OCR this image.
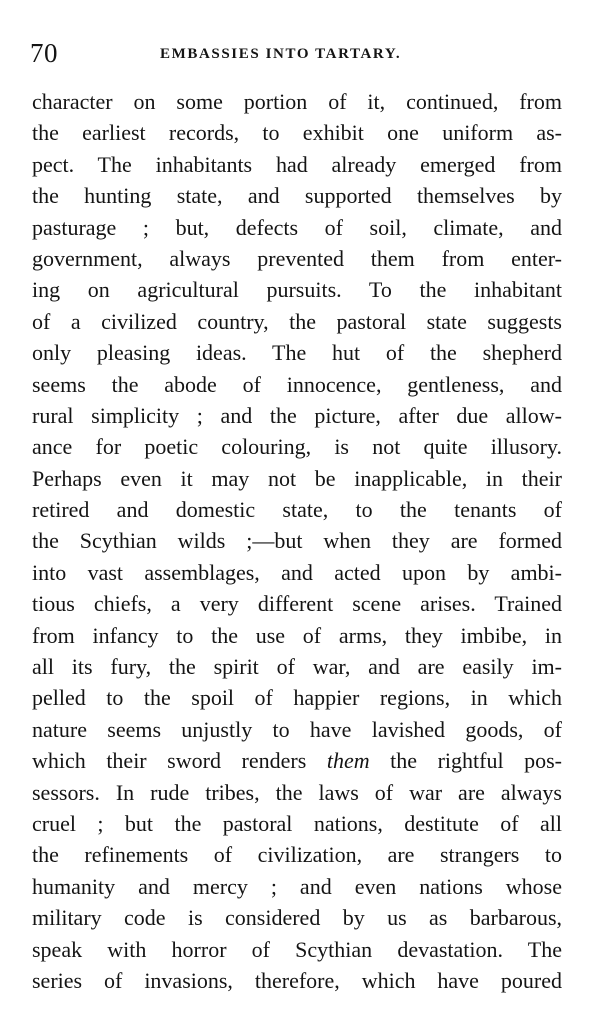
70	EMBASSIES INTO TARTARY.
character on some portion of it, continued, from
the earliest records, to exhibit one uniform as-
pect. The inhabitants had already emerged from
the hunting state, and supported themselves by
pasturage ; but, defects of soil, climate, and
government, always prevented them from enter-
ing on agricultural pursuits. To the inhabitant
of a civilized country, the pastoral state suggests
only pleasing ideas. The hut of the shepherd
seems the abode of innocence, gentleness, and
rural simplicity ; and the picture, after due allow-
ance for poetic colouring, is not quite illusory.
Perhaps even it may not be inapplicable, in their
retired and domestic state, to the tenants of
the Scythian wilds ;—but when they are formed
into vast assemblages, and acted upon by ambi-
tious chiefs, a very different scene arises. Trained
from infancy to the use of arms, they imbibe, in
all its fury, the spirit of war, and are easily im-
pelled to the spoil of happier regions, in which
nature seems unjustly to have lavished goods, of
which their sword renders them the rightful pos-
sessors. In rude tribes, the laws of war are always
cruel ; but the pastoral nations, destitute of all
the refinements of civilization, are strangers to
humanity and mercy ; and even nations whose
military code is considered by us as barbarous,
speak with horror of Scythian devastation. The
series of invasions, therefore, which have poured
